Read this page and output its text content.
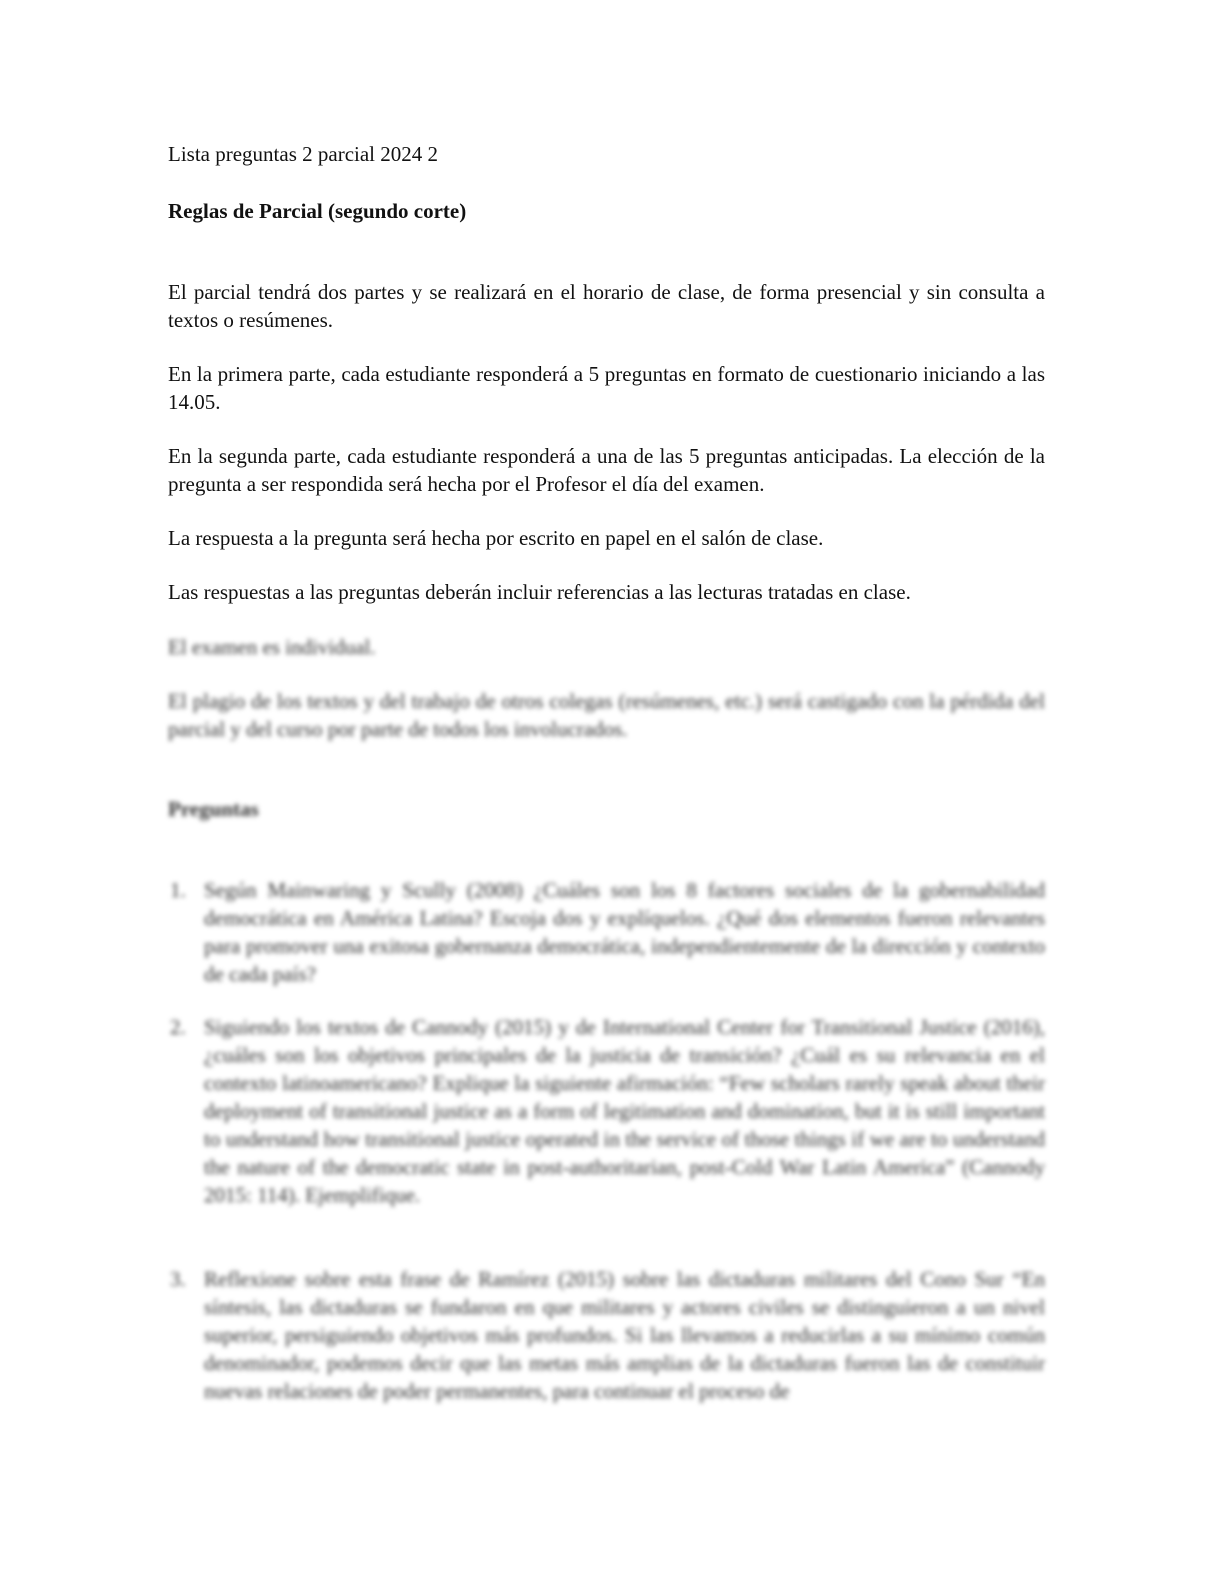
Lista preguntas 2 parcial 2024 2

Reglas de Parcial (segundo corte)

El parcial tendrá dos partes y se realizará en el horario de clase, de forma presencial y sin consulta a textos o resúmenes.

En la primera parte, cada estudiante responderá a 5 preguntas en formato de cuestionario iniciando a las 14.05.

En la segunda parte, cada estudiante responderá a una de las 5 preguntas anticipadas. La elección de la pregunta a ser respondida será hecha por el Profesor el día del examen.

La respuesta a la pregunta será hecha por escrito en papel en el salón de clase.

Las respuestas a las preguntas deberán incluir referencias a las lecturas tratadas en clase.

El examen es individual.

El plagio de los textos y del trabajo de otros colegas (resúmenes, etc.) será castigado con la pérdida del parcial y del curso por parte de todos los involucrados.

Preguntas

1. Según Mainwaring y Scully (2008) ¿Cuáles son los 8 factores sociales de la gobernabilidad democrática en América Latina? Escoja dos y explíquelos. ¿Qué dos elementos fueron relevantes para promover una exitosa gobernanza democrática, independientemente de la dirección y contexto de cada país?
2. Siguiendo los textos de Cannody (2015) y de International Center for Transitional Justice (2016), ¿cuáles son los objetivos principales de la justicia de transición? ¿Cuál es su relevancia en el contexto latinoamericano? Explique la siguiente afirmación: “Few scholars rarely speak about their deployment of transitional justice as a form of legitimation and domination, but it is still important to understand how transitional justice operated in the service of those things if we are to understand the nature of the democratic state in post-authoritarian, post-Cold War Latin America” (Cannody 2015: 114). Ejemplifique.
3. Reflexione sobre esta frase de Ramírez (2015) sobre las dictaduras militares del Cono Sur “En síntesis, las dictaduras se fundaron en que militares y actores civiles se distinguieron a un nivel superior, persiguiendo objetivos más profundos. Si las llevamos a reducirlas a su mínimo común denominador, podemos decir que las metas más amplias de la dictaduras fueron las de constituir nuevas relaciones de poder permanentes, para continuar el proceso de
